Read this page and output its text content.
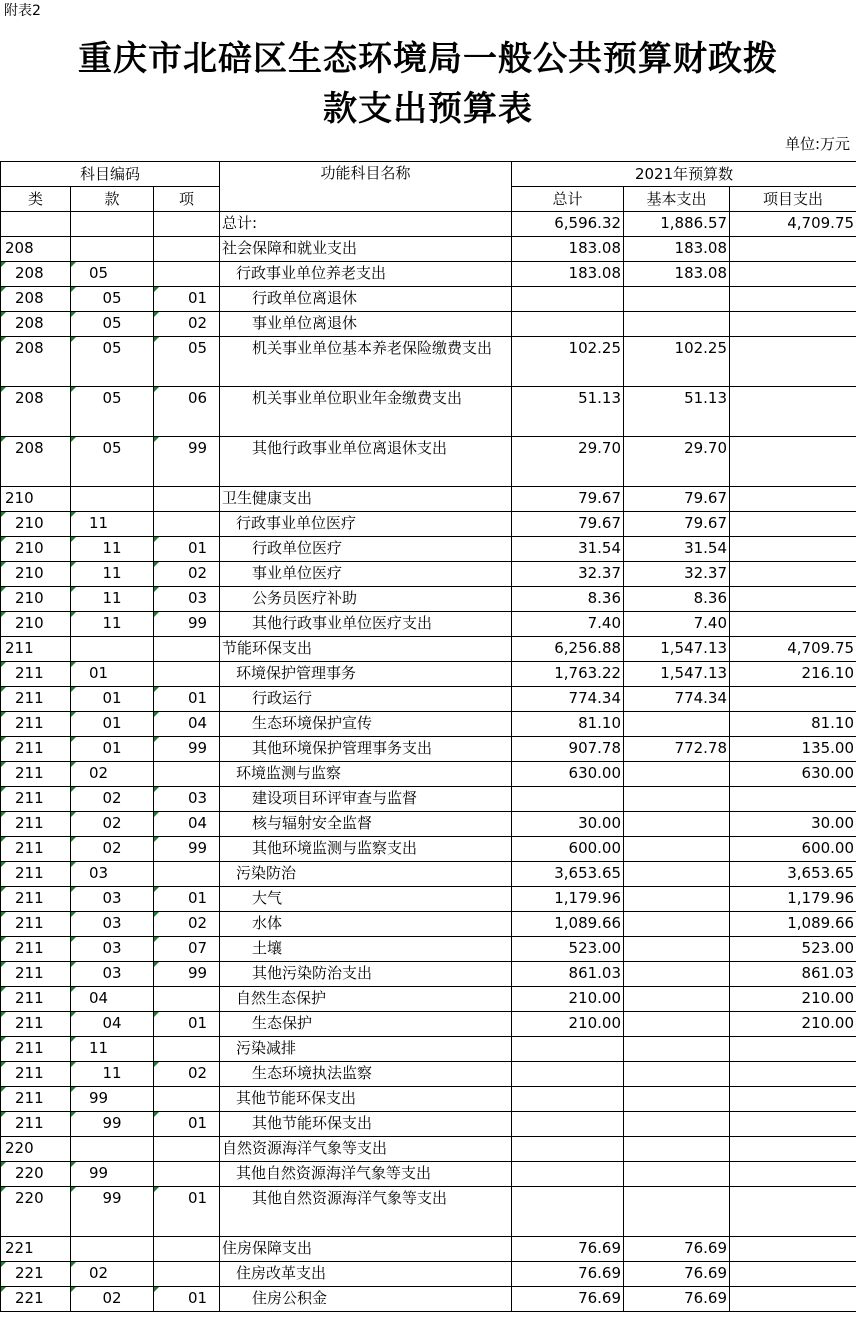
附表2
重庆市北碚区生态环境局一般公共预算财政拨
款支出预算表
单位:万元
科目编码			功能科目名称	2021年预算数		
类	款	项		总计	基本支出	项目支出
			总计:	6,596.32	1,886.57	4,709.75
208			社会保障和就业支出	183.08	183.08	
208	05		行政事业单位养老支出	183.08	183.08	
208	05	01	行政单位离退休			
208	05	02	事业单位离退休			
208	05	05	机关事业单位基本养老保险缴费支出	102.25	102.25	
208	05	06	机关事业单位职业年金缴费支出	51.13	51.13	
208	05	99	其他行政事业单位离退休支出	29.70	29.70	
210			卫生健康支出	79.67	79.67	
210	11		行政事业单位医疗	79.67	79.67	
210	11	01	行政单位医疗	31.54	31.54	
210	11	02	事业单位医疗	32.37	32.37	
210	11	03	公务员医疗补助	8.36	8.36	
210	11	99	其他行政事业单位医疗支出	7.40	7.40	
211			节能环保支出	6,256.88	1,547.13	4,709.75
211	01		环境保护管理事务	1,763.22	1,547.13	216.10
211	01	01	行政运行	774.34	774.34	
211	01	04	生态环境保护宣传	81.10		81.10
211	01	99	其他环境保护管理事务支出	907.78	772.78	135.00
211	02		环境监测与监察	630.00		630.00
211	02	03	建设项目环评审查与监督			
211	02	04	核与辐射安全监督	30.00		30.00
211	02	99	其他环境监测与监察支出	600.00		600.00
211	03		污染防治	3,653.65		3,653.65
211	03	01	大气	1,179.96		1,179.96
211	03	02	水体	1,089.66		1,089.66
211	03	07	土壤	523.00		523.00
211	03	99	其他污染防治支出	861.03		861.03
211	04		自然生态保护	210.00		210.00
211	04	01	生态保护	210.00		210.00
211	11		污染减排			
211	11	02	生态环境执法监察			
211	99		其他节能环保支出			
211	99	01	其他节能环保支出			
220			自然资源海洋气象等支出			
220	99		其他自然资源海洋气象等支出			
220	99	01	其他自然资源海洋气象等支出			
221			住房保障支出	76.69	76.69	
221	02		住房改革支出	76.69	76.69	
221	02	01	住房公积金	76.69	76.69	
